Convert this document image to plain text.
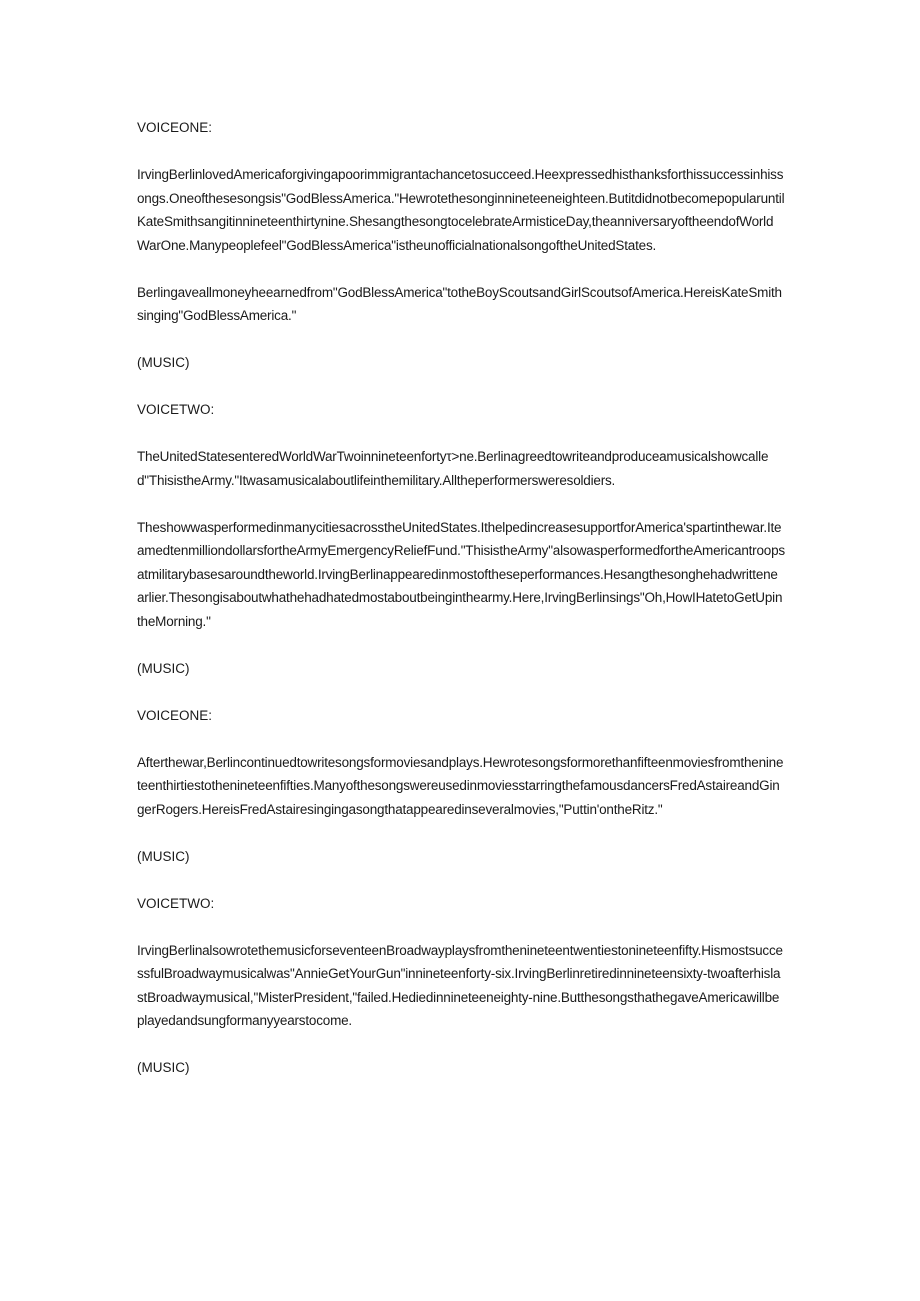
VOICEONE:

IrvingBerlinlovedAmericaforgivingapoorimmigrantachancetosucceed.Heexpressedhisthanksforthissuccessinhissongs.Oneofthesesongsis"GodBlessAmerica."Hewrotethesonginnineteeneighteen.ButitdidnotbecomepopularuntilKateSmithsangitinnineteenthirtynine.ShesangthesongtocelebrateArmisticeDay,theanniversaryoftheendofWorldWarOne.Manypeoplefeel"GodBlessAmerica"istheunofficialnationalsongoftheUnitedStates.

Berlingaveallmoneyheearnedfrom"GodBlessAmerica"totheBoyScoutsandGirlScoutsofAmerica.HereisKateSmithsinging"GodBlessAmerica."

(MUSIC)

VOICETWO:

TheUnitedStatesenteredWorldWarTwoinnineteenfortyτ>ne.Berlinagreedtowriteandproduceamusicalshowcalled"ThisistheArmy."Itwasamusicalaboutlifeinthemilitary.Alltheperformersweresoldiers.

TheshowwasperformedinmanycitiesacrosstheUnitedStates.IthelpedincreasesupportforAmerica'spartinthewar.IteamedtenmilliondollarsfortheArmyEmergencyReliefFund."ThisistheArmy"alsowasperformedfortheAmericantroopsatmilitarybasesaroundtheworld.IrvingBerlinappearedinmostoftheseperformances.Hesangthesonghehadwrittenearlier.Thesongisaboutwhathehadhatedmostaboutbeinginthearmy.Here,IrvingBerlinsings"Oh,HowIHatetoGetUpintheMorning."

(MUSIC)

VOICEONE:

Afterthewar,Berlincontinuedtowritesongsformoviesandplays.Hewrotesongsformorethanfifteenmoviesfromthenineteenthirtiestothenineteenfifties.ManyofthesongswereusedinmoviesstarringthefamousdancersFredAstaireandGingerRogers.HereisFredAstairesingingasongthatappearedinseveralmovies,"Puttin'ontheRitz."

(MUSIC)

VOICETWO:

IrvingBerlinalsowrotethemusicforseventeenBroadwayplaysfromthenineteentwentiestonineteenfifty.HismostsuccessfulBroadwaymusicalwas"AnnieGetYourGun"innineteenforty-six.IrvingBerlinretiredinnineteensixty-twoafterhislastBroadwaymusical,"MisterPresident,"failed.Hediedinnineteeneighty-nine.ButthesongsthathegaveAmericawillbeplayedandsungformanyyearstocome.

(MUSIC)
